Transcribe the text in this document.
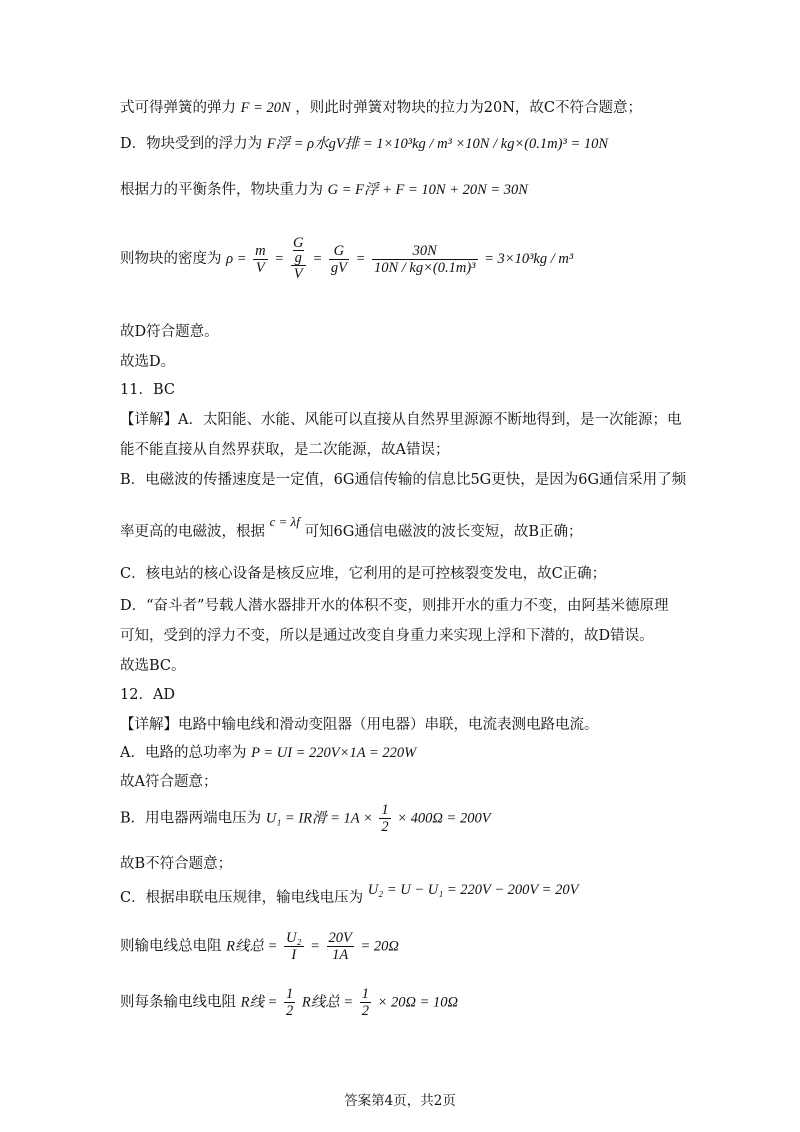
式可得弹簧的弹力 F = 20N ，则此时弹簧对物块的拉力为20N，故C不符合题意；
D．物块受到的浮力为 F浮 = ρ水gV排 = 1×10³kg / m³ ×10N / kg×(0.1m)³ = 10N
根据力的平衡条件，物块重力为 G = F浮 + F = 10N + 20N = 30N
则物块的密度为 $\rho = \frac{m}{V}$ =
G
g
V
= $\frac{G}{gV} = \frac{30N}{\text{10N / kg×(0.1m)³}} = 3\times 10^3kg / m^3$
故D符合题意。
故选D。
11．BC
【详解】A．太阳能、水能、风能可以直接从自然界里源源不断地得到，是一次能源；电
能不能直接从自然界获取，是二次能源，故A错误；
B．电磁波的传播速度是一定值，6G通信传输的信息比5G更快，是因为6G通信采用了频
率更高的电磁波，根据 c = λf 可知6G通信电磁波的波长变短，故B正确；
C．核电站的核心设备是核反应堆，它利用的是可控核裂变发电，故C正确；
D．“奋斗者”号载人潜水器排开水的体积不变，则排开水的重力不变，由阿基米德原理
可知，受到的浮力不变，所以是通过改变自身重力来实现上浮和下潜的，故D错误。
故选BC。
12．AD
【详解】电路中输电线和滑动变阻器（用电器）串联，电流表测电路电流。
A．电路的总功率为 P = UI = 220V×1A = 220W
故A符合题意；
B．用电器两端电压为 U₁ = IR滑 = $1A \times \frac{1}{2} \times 400\Omega = 200V$
故B不符合题意；
C．根据串联电压规律，输电线电压为 U₂ = U − U₁ = 220V − 200V = 20V
则输电线总电阻 R线总 = $\frac{\text{U₂}}{I} = \frac{20V}{1A} = 20\Omega$
则每条输电线电阻 R线 = $\frac{1}{2}$ R线总 = $\frac{1}{2} \times 20\Omega = 10\Omega$
答案第4页，共2页
